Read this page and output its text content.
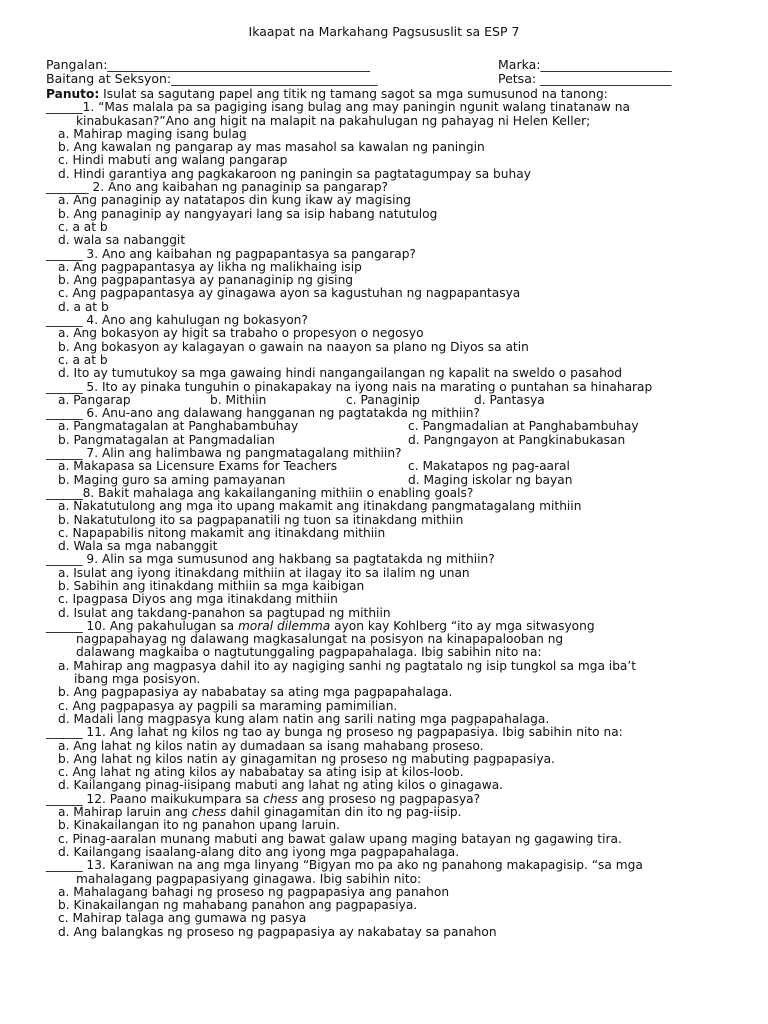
Ikaapat na Markahang Pagsususlit sa ESP 7
Pangalan:__________________________________________	Marka:_____________________
Baitang at Seksyon:_________________________________	Petsa: _____________________
Panuto: Isulat sa sagutang papel ang titik ng tamang sagot sa mga sumusunod na tanong:
______1. “Mas malala pa sa pagiging isang bulag ang may paningin ngunit walang tinatanaw na
kinabukasan?”Ano ang higit na malapit na pakahulugan ng pahayag ni Helen Keller;
a. Mahirap maging isang bulag
b. Ang kawalan ng pangarap ay mas masahol sa kawalan ng paningin
c. Hindi mabuti ang walang pangarap
d. Hindi garantiya ang pagkakaroon ng paningin sa pagtatagumpay sa buhay
_______ 2. Ano ang kaibahan ng panaginip sa pangarap?
a. Ang panaginip ay natatapos din kung ikaw ay magising
b. Ang panaginip ay nangyayari lang sa isip habang natutulog
c. a at b
d. wala sa nabanggit
______ 3. Ano ang kaibahan ng pagpapantasya sa pangarap?
a. Ang pagpapantasya ay likha ng malikhaing isip
b. Ang pagpapantasya ay pananaginip ng gising
c. Ang pagpapantasya ay ginagawa ayon sa kagustuhan ng nagpapantasya
d. a at b
______ 4. Ano ang kahulugan ng bokasyon?
a. Ang bokasyon ay higit sa trabaho o propesyon o negosyo
b. Ang bokasyon ay kalagayan o gawain na naayon sa plano ng Diyos sa atin
c. a at b
d. Ito ay tumutukoy sa mga gawaing hindi nangangailangan ng kapalit na sweldo o pasahod
______ 5. Ito ay pinaka tunguhin o pinakapakay na iyong nais na marating o puntahan sa hinaharap
a. Pangarap	b. Mithiin	c. Panaginip	d. Pantasya
______ 6. Anu-ano ang dalawang hangganan ng pagtatakda ng mithiin?
a. Pangmatagalan at Panghabambuhay	c. Pangmadalian at Panghabambuhay
b. Pangmatagalan at Pangmadalian	d. Pangngayon at Pangkinabukasan
______ 7. Alin ang halimbawa ng pangmatagalang mithiin?
a. Makapasa sa Licensure Exams for Teachers	c. Makatapos ng pag-aaral
b. Maging guro sa aming pamayanan	d. Maging iskolar ng bayan
______8. Bakit mahalaga ang kakailanganing mithiin o enabling goals?
a. Nakatutulong ang mga ito upang makamit ang itinakdang pangmatagalang mithiin
b. Nakatutulong ito sa pagpapanatili ng tuon sa itinakdang mithiin
c. Napapabilis nitong makamit ang itinakdang mithiin
d. Wala sa mga nabanggit
______ 9. Alin sa mga sumusunod ang hakbang sa pagtatakda ng mithiin?
a. Isulat ang iyong itinakdang mithiin at ilagay ito sa ilalim ng unan
b. Sabihin ang itinakdang mithiin sa mga kaibigan
c. Ipagpasa Diyos ang mga itinakdang mithiin
d. Isulat ang takdang-panahon sa pagtupad ng mithiin
______ 10. Ang pakahulugan sa moral dilemma ayon kay Kohlberg “ito ay mga sitwasyong
nagpapahayag ng dalawang magkasalungat na posisyon na kinapapalooban ng
dalawang magkaiba o nagtutunggaling pagpapahalaga. Ibig sabihin nito na:
a. Mahirap ang magpasya dahil ito ay nagiging sanhi ng pagtatalo ng isip tungkol sa mga iba’t
ibang mga posisyon.
b. Ang pagpapasiya ay nababatay sa ating mga pagpapahalaga.
c. Ang pagpapasya ay pagpili sa maraming pamimilian.
d. Madali lang magpasya kung alam natin ang sarili nating mga pagpapahalaga.
______ 11. Ang lahat ng kilos ng tao ay bunga ng proseso ng pagpapasiya. Ibig sabihin nito na:
a. Ang lahat ng kilos natin ay dumadaan sa isang mahabang proseso.
b. Ang lahat ng kilos natin ay ginagamitan ng proseso ng mabuting pagpapasiya.
c. Ang lahat ng ating kilos ay nababatay sa ating isip at kilos-loob.
d. Kailangang pinag-iisipang mabuti ang lahat ng ating kilos o ginagawa.
______ 12. Paano maikukumpara sa chess ang proseso ng pagpapasya?
a. Mahirap laruin ang chess dahil ginagamitan din ito ng pag-iisip.
b. Kinakailangan ito ng panahon upang laruin.
c. Pinag-aaralan munang mabuti ang bawat galaw upang maging batayan ng gagawing tira.
d. Kailangang isaalang-alang dito ang iyong mga pagpapahalaga.
______ 13. Karaniwan na ang mga linyang “Bigyan mo pa ako ng panahong makapagisip. “sa mga
mahalagang pagpapasiyang ginagawa. Ibig sabihin nito:
a. Mahalagang bahagi ng proseso ng pagpapasiya ang panahon
b. Kinakailangan ng mahabang panahon ang pagpapasiya.
c. Mahirap talaga ang gumawa ng pasya
d. Ang balangkas ng proseso ng pagpapasiya ay nakabatay sa panahon
